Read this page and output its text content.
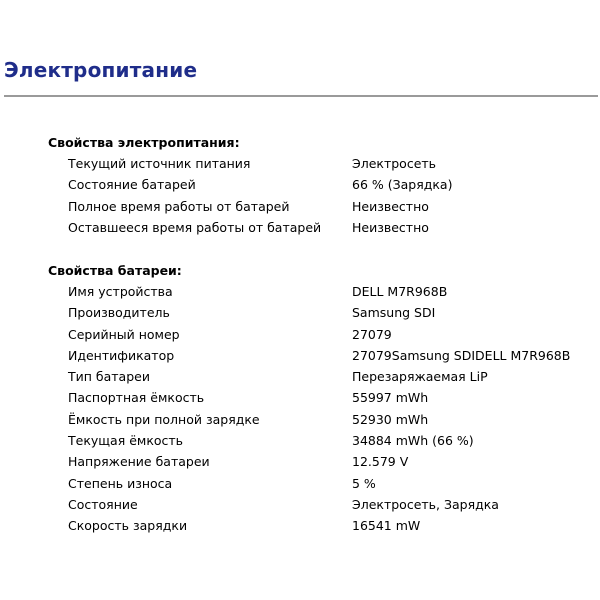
Электропитание
Свойства электропитания:
Текущий источник питания	Электросеть
Состояние батарей	66 % (Зарядка)
Полное время работы от батарей	Неизвестно
Оставшееся время работы от батарей	Неизвестно
Свойства батареи:
Имя устройства	DELL M7R968B
Производитель	Samsung SDI
Серийный номер	27079
Идентификатор	27079Samsung SDIDELL M7R968B
Тип батареи	Перезаряжаемая LiP
Паспортная ёмкость	55997 mWh
Ёмкость при полной зарядке	52930 mWh
Текущая ёмкость	34884 mWh (66 %)
Напряжение батареи	12.579 V
Степень износа	5 %
Состояние	Электросеть, Зарядка
Скорость зарядки	16541 mW
